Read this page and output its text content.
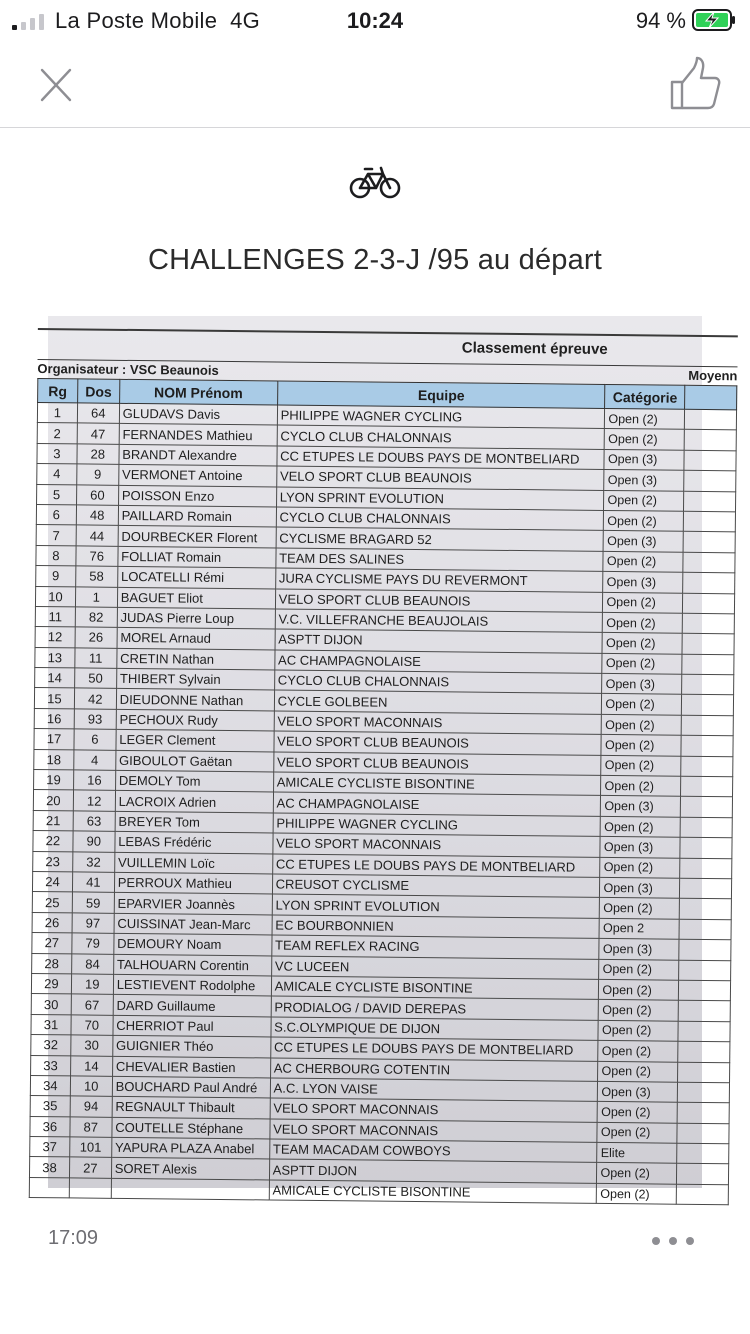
La Poste Mobile 4G	10:24	94 %
CHALLENGES 2-3-J /95 au départ
Classement épreuve
Organisateur : VSC Beaunois	Moyenn
Rg	Dos	NOM Prénom	Equipe	Catégorie	
1	64	GLUDAVS Davis	PHILIPPE WAGNER CYCLING	Open (2)	
2	47	FERNANDES Mathieu	CYCLO CLUB CHALONNAIS	Open (2)	
3	28	BRANDT Alexandre	CC ETUPES LE DOUBS PAYS DE MONTBELIARD	Open (3)	
4	9	VERMONET Antoine	VELO SPORT CLUB BEAUNOIS	Open (3)	
5	60	POISSON Enzo	LYON SPRINT EVOLUTION	Open (2)	
6	48	PAILLARD Romain	CYCLO CLUB CHALONNAIS	Open (2)	
7	44	DOURBECKER Florent	CYCLISME BRAGARD 52	Open (3)	
8	76	FOLLIAT Romain	TEAM DES SALINES	Open (2)	
9	58	LOCATELLI Rémi	JURA CYCLISME PAYS DU REVERMONT	Open (3)	
10	1	BAGUET Eliot	VELO SPORT CLUB BEAUNOIS	Open (2)	
11	82	JUDAS Pierre Loup	V.C. VILLEFRANCHE BEAUJOLAIS	Open (2)	
12	26	MOREL Arnaud	ASPTT DIJON	Open (2)	
13	11	CRETIN Nathan	AC CHAMPAGNOLAISE	Open (2)	
14	50	THIBERT Sylvain	CYCLO CLUB CHALONNAIS	Open (3)	
15	42	DIEUDONNE Nathan	CYCLE GOLBEEN	Open (2)	
16	93	PECHOUX Rudy	VELO SPORT MACONNAIS	Open (2)	
17	6	LEGER Clement	VELO SPORT CLUB BEAUNOIS	Open (2)	
18	4	GIBOULOT Gaëtan	VELO SPORT CLUB BEAUNOIS	Open (2)	
19	16	DEMOLY Tom	AMICALE CYCLISTE BISONTINE	Open (2)	
20	12	LACROIX Adrien	AC CHAMPAGNOLAISE	Open (3)	
21	63	BREYER Tom	PHILIPPE WAGNER CYCLING	Open (2)	
22	90	LEBAS Frédéric	VELO SPORT MACONNAIS	Open (3)	
23	32	VUILLEMIN Loïc	CC ETUPES LE DOUBS PAYS DE MONTBELIARD	Open (2)	
24	41	PERROUX Mathieu	CREUSOT CYCLISME	Open (3)	
25	59	EPARVIER Joannès	LYON SPRINT EVOLUTION	Open (2)	
26	97	CUISSINAT Jean-Marc	EC BOURBONNIEN	Open 2	
27	79	DEMOURY Noam	TEAM REFLEX RACING	Open (3)	
28	84	TALHOUARN Corentin	VC LUCEEN	Open (2)	
29	19	LESTIEVENT Rodolphe	AMICALE CYCLISTE BISONTINE	Open (2)	
30	67	DARD Guillaume	PRODIALOG / DAVID DEREPAS	Open (2)	
31	70	CHERRIOT Paul	S.C.OLYMPIQUE DE DIJON	Open (2)	
32	30	GUIGNIER Théo	CC ETUPES LE DOUBS PAYS DE MONTBELIARD	Open (2)	
33	14	CHEVALIER Bastien	AC CHERBOURG COTENTIN	Open (2)	
34	10	BOUCHARD Paul André	A.C. LYON VAISE	Open (3)	
35	94	REGNAULT Thibault	VELO SPORT MACONNAIS	Open (2)	
36	87	COUTELLE Stéphane	VELO SPORT MACONNAIS	Open (2)	
37	101	YAPURA PLAZA Anabel	TEAM MACADAM COWBOYS	Elite	
38	27	SORET Alexis	ASPTT DIJON	Open (2)	
			AMICALE CYCLISTE BISONTINE	Open (2)	
17:09
